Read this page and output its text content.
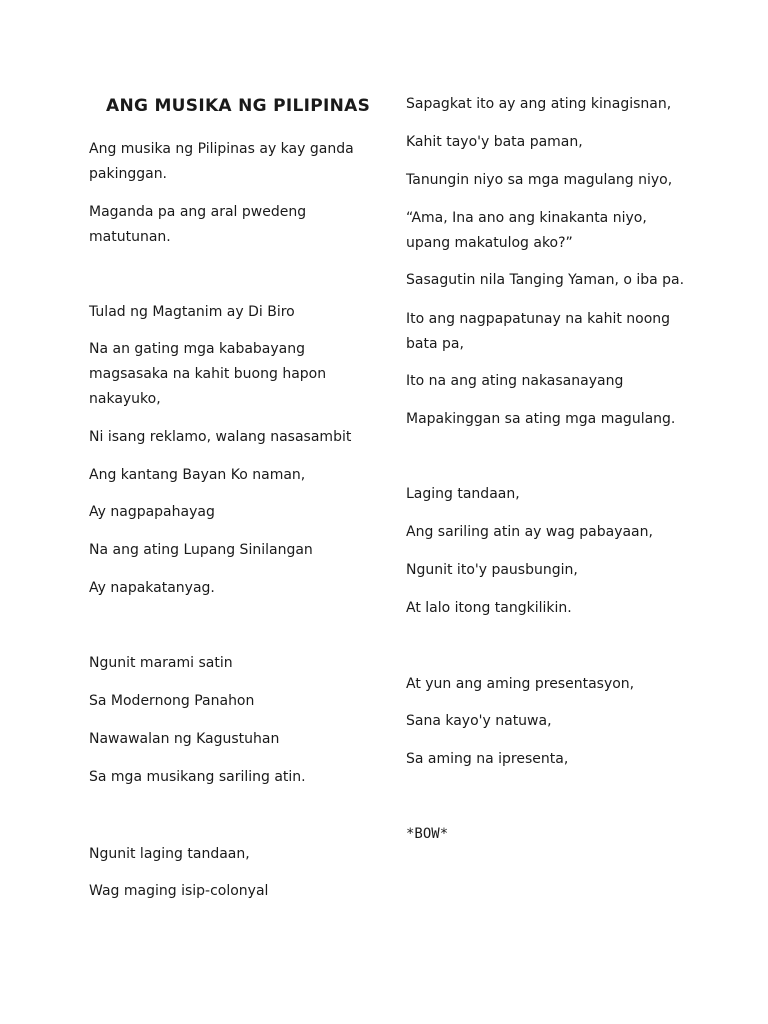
ANG MUSIKA NG PILIPINAS

Ang musika ng Pilipinas ay kay ganda

pakinggan.

Maganda pa ang aral pwedeng

matutunan.

Tulad ng Magtanim ay Di Biro

Na an gating mga kababayang

magsasaka na kahit buong hapon

nakayuko,

Ni isang reklamo, walang nasasambit

Ang kantang Bayan Ko naman,

Ay nagpapahayag

Na ang ating Lupang Sinilangan

Ay napakatanyag.

Ngunit marami satin

Sa Modernong Panahon

Nawawalan ng Kagustuhan

Sa mga musikang sariling atin.

Ngunit laging tandaan,

Wag maging isip-colonyal

Sapagkat ito ay ang ating kinagisnan,

Kahit tayo'y bata paman,

Tanungin niyo sa mga magulang niyo,

“Ama, Ina ano ang kinakanta niyo,

upang makatulog ako?”

Sasagutin nila Tanging Yaman, o iba pa.

Ito ang nagpapatunay na kahit noong

bata pa,

Ito na ang ating nakasanayang

Mapakinggan sa ating mga magulang.

Laging tandaan,

Ang sariling atin ay wag pabayaan,

Ngunit ito'y pausbungin,

At lalo itong tangkilikin.

At yun ang aming presentasyon,

Sana kayo'y natuwa,

Sa aming na ipresenta,

*BOW*
